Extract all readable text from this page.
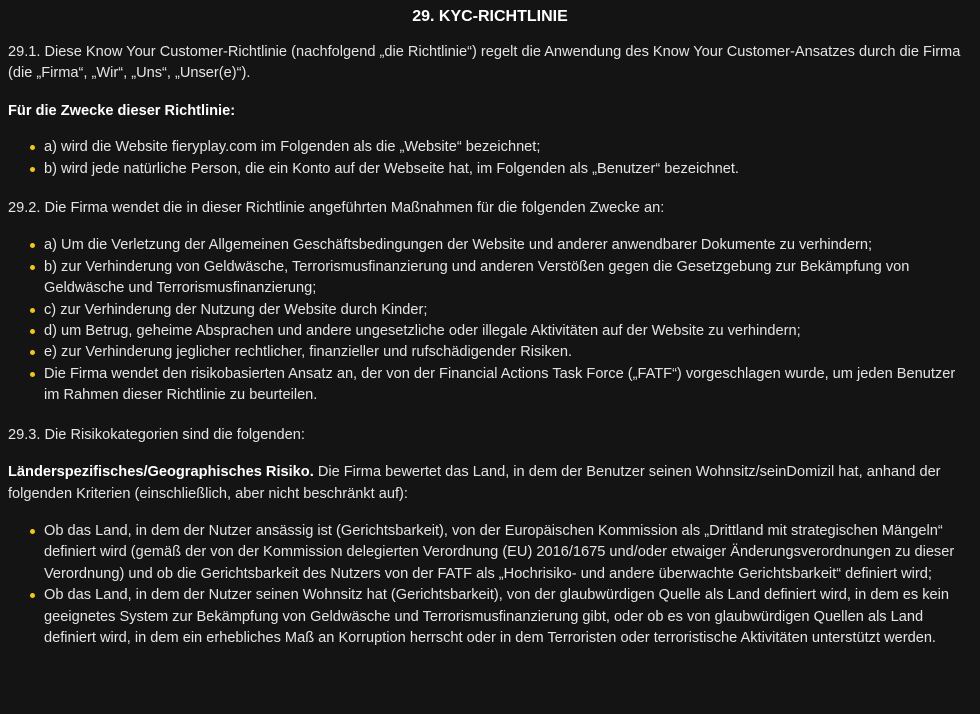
29. KYC-RICHTLINIE

29.1. Diese Know Your Customer-Richtlinie (nachfolgend „die Richtlinie“) regelt die Anwendung des Know Your Customer-Ansatzes durch die Firma (die „Firma“, „Wir“, „Uns“, „Unser(e)“).

Für die Zwecke dieser Richtlinie:

a) wird die Website fieryplay.com im Folgenden als die „Website“ bezeichnet;
b) wird jede natürliche Person, die ein Konto auf der Webseite hat, im Folgenden als „Benutzer“ bezeichnet.

29.2. Die Firma wendet die in dieser Richtlinie angeführten Maßnahmen für die folgenden Zwecke an:

a) Um die Verletzung der Allgemeinen Geschäftsbedingungen der Website und anderer anwendbarer Dokumente zu verhindern;
b) zur Verhinderung von Geldwäsche, Terrorismusfinanzierung und anderen Verstößen gegen die Gesetzgebung zur Bekämpfung von Geldwäsche und Terrorismusfinanzierung;
c) zur Verhinderung der Nutzung der Website durch Kinder;
d) um Betrug, geheime Absprachen und andere ungesetzliche oder illegale Aktivitäten auf der Website zu verhindern;
e) zur Verhinderung jeglicher rechtlicher, finanzieller und rufschädigender Risiken.
Die Firma wendet den risikobasierten Ansatz an, der von der Financial Actions Task Force („FATF“) vorgeschlagen wurde, um jeden Benutzer im Rahmen dieser Richtlinie zu beurteilen.

29.3. Die Risikokategorien sind die folgenden:

Länderspezifisches/Geographisches Risiko. Die Firma bewertet das Land, in dem der Benutzer seinen Wohnsitz/seinDomizil hat, anhand der folgenden Kriterien (einschließlich, aber nicht beschränkt auf):

Ob das Land, in dem der Nutzer ansässig ist (Gerichtsbarkeit), von der Europäischen Kommission als „Drittland mit strategischen Mängeln“ definiert wird (gemäß der von der Kommission delegierten Verordnung (EU) 2016/1675 und/oder etwaiger Änderungsverordnungen zu dieser Verordnung) und ob die Gerichtsbarkeit des Nutzers von der FATF als „Hochrisiko- und andere überwachte Gerichtsbarkeit“ definiert wird;
Ob das Land, in dem der Nutzer seinen Wohnsitz hat (Gerichtsbarkeit), von der glaubwürdigen Quelle als Land definiert wird, in dem es kein geeignetes System zur Bekämpfung von Geldwäsche und Terrorismusfinanzierung gibt, oder ob es von glaubwürdigen Quellen als Land definiert wird, in dem ein erhebliches Maß an Korruption herrscht oder in dem Terroristen oder terroristische Aktivitäten unterstützt werden.
